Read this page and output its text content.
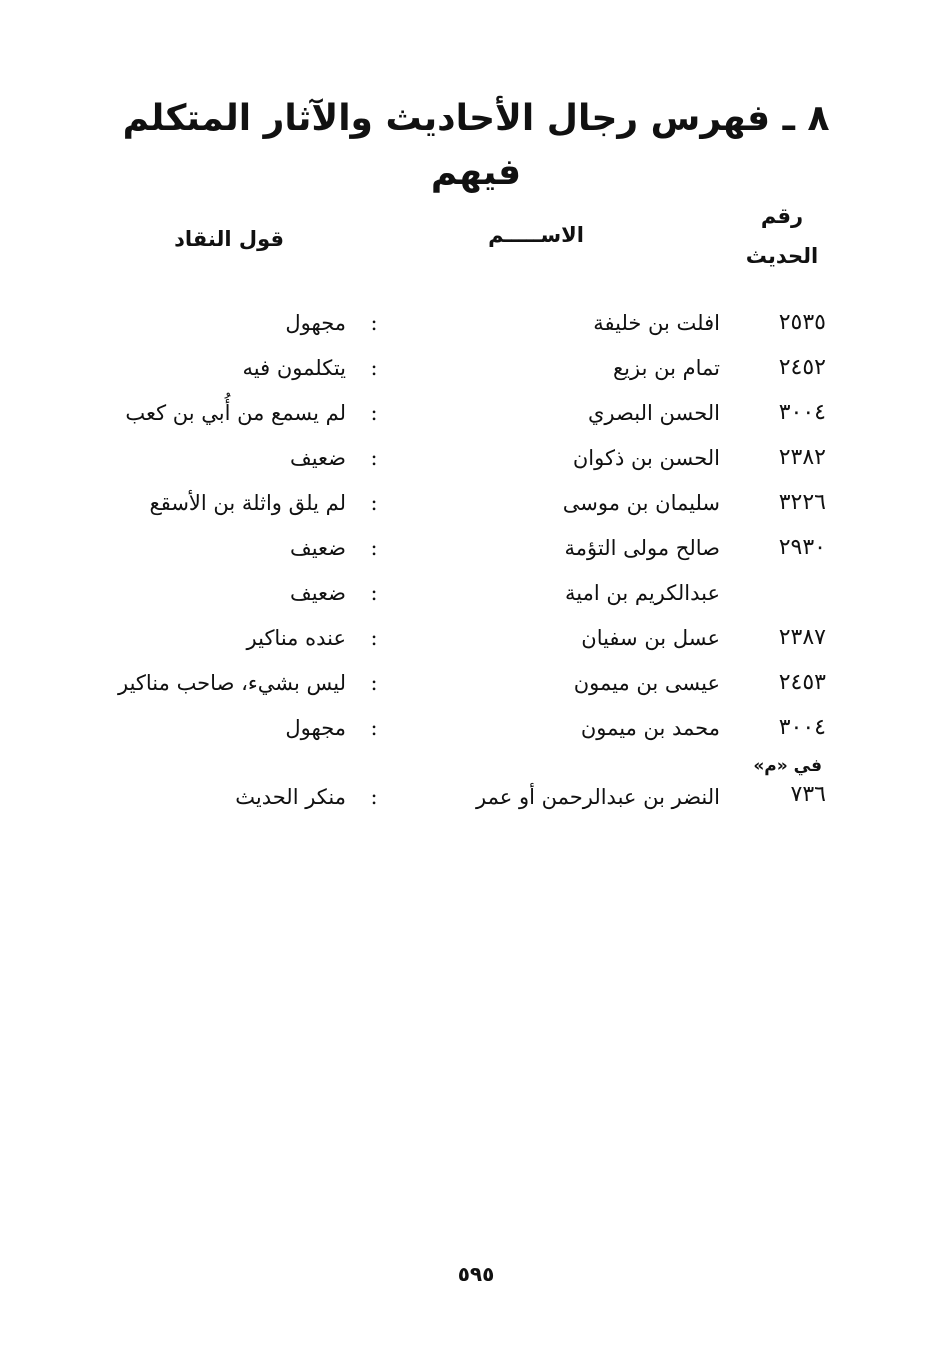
٨ ـ فهرس رجال الأحاديث والآثار المتكلم فيهم
رقم
الحديث
الاســـــم
قول النقاد
٢٥٣٥
افلت بن خليفة
:
مجهول
٢٤٥٢
تمام بن بزيع
:
يتكلمون فيه
٣٠٠٤
الحسن البصري
:
لم يسمع من أُبي بن كعب
٢٣٨٢
الحسن بن ذكوان
:
ضعيف
٣٢٢٦
سليمان بن موسى
:
لم يلق واثلة بن الأسقع
٢٩٣٠
صالح مولى التؤمة
:
ضعيف
عبدالكريم بن امية
:
ضعيف
٢٣٨٧
عسل بن سفيان
:
عنده مناكير
٢٤٥٣
عيسى بن ميمون
:
ليس بشيء، صاحب مناكير
٣٠٠٤
محمد بن ميمون
:
مجهول
في «م»
٧٣٦
النضر بن عبدالرحمن أو عمر
:
منكر الحديث
٥٩٥
